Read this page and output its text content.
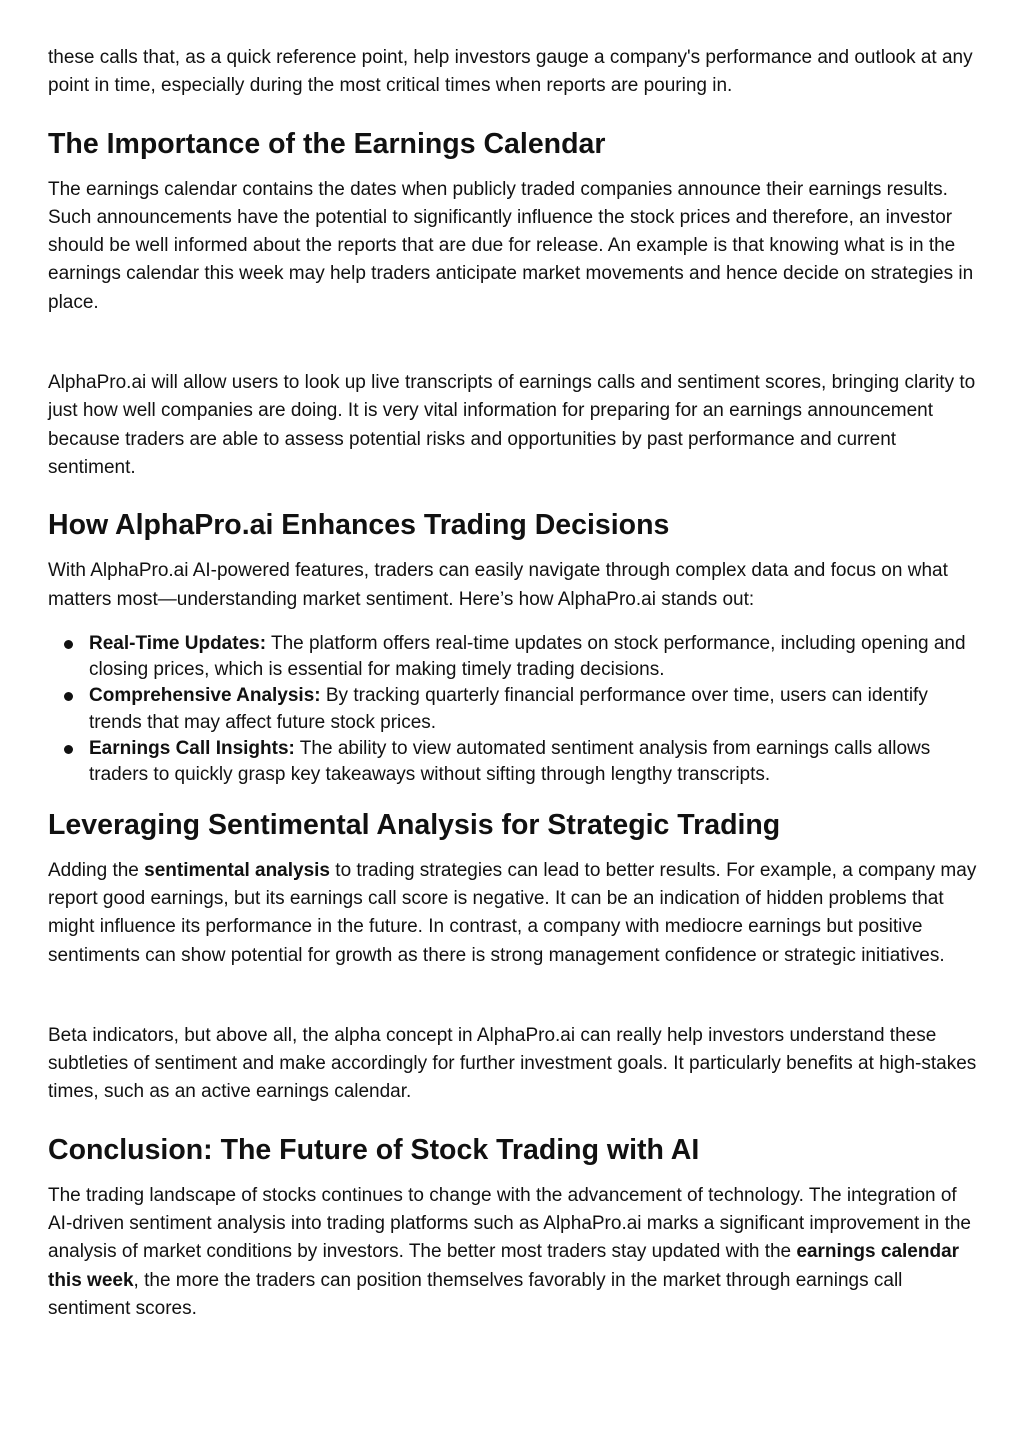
these calls that, as a quick reference point, help investors gauge a company's performance and outlook at any point in time, especially during the most critical times when reports are pouring in.

The Importance of the Earnings Calendar

The earnings calendar contains the dates when publicly traded companies announce their earnings results. Such announcements have the potential to significantly influence the stock prices and therefore, an investor should be well informed about the reports that are due for release. An example is that knowing what is in the earnings calendar this week may help traders anticipate market movements and hence decide on strategies in place.

AlphaPro.ai will allow users to look up live transcripts of earnings calls and sentiment scores, bringing clarity to just how well companies are doing. It is very vital information for preparing for an earnings announcement because traders are able to assess potential risks and opportunities by past performance and current sentiment.

How AlphaPro.ai Enhances Trading Decisions

With AlphaPro.ai AI-powered features, traders can easily navigate through complex data and focus on what matters most—understanding market sentiment. Here’s how AlphaPro.ai stands out:

Real-Time Updates: The platform offers real-time updates on stock performance, including opening and closing prices, which is essential for making timely trading decisions.
Comprehensive Analysis: By tracking quarterly financial performance over time, users can identify trends that may affect future stock prices.
Earnings Call Insights: The ability to view automated sentiment analysis from earnings calls allows traders to quickly grasp key takeaways without sifting through lengthy transcripts.
Leveraging Sentimental Analysis for Strategic Trading

Adding the sentimental analysis to trading strategies can lead to better results. For example, a company may report good earnings, but its earnings call score is negative. It can be an indication of hidden problems that might influence its performance in the future. In contrast, a company with mediocre earnings but positive sentiments can show potential for growth as there is strong management confidence or strategic initiatives.

Beta indicators, but above all, the alpha concept in AlphaPro.ai can really help investors understand these subtleties of sentiment and make accordingly for further investment goals. It particularly benefits at high-stakes times, such as an active earnings calendar.

Conclusion: The Future of Stock Trading with AI

The trading landscape of stocks continues to change with the advancement of technology. The integration of AI-driven sentiment analysis into trading platforms such as AlphaPro.ai marks a significant improvement in the analysis of market conditions by investors. The better most traders stay updated with the earnings calendar this week, the more the traders can position themselves favorably in the market through earnings call sentiment scores.
